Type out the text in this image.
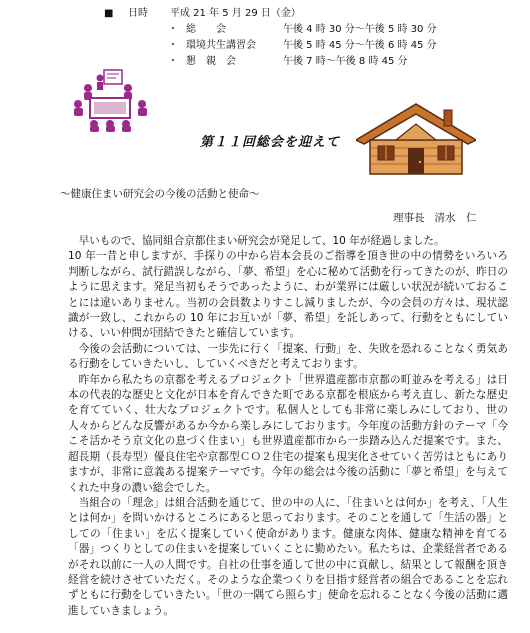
■ 日時 平成 21 年 5 月 29 日（金）
・ 総　　会	午後 4 時 30 分～午後 5 時 30 分
・ 環境共生講習会	午後 5 時 45 分～午後 6 時 45 分
・ 懇　親　会	午後 7 時～午後 8 時 45 分
第１１回総会を迎えて
～健康住まい研究会の今後の活動と使命～
理事長 清水　仁

早いもので、協同組合京都住まい研究会が発足して、10 年が経過しました。

10 年一昔と申しますが、手探りの中から岩本会長のご指導を頂き世の中の情勢をいろいろ判断しながら、試行錯誤しながら、「夢、希望」を心に秘めて活動を行ってきたのが、昨日のように思えます。発足当初もそうであったように、わが業界には厳しい状況が続いておることには違いありません。当初の会員数よりすこし減りましたが、今の会員の方々は、現状認識が一致し、これからの 10 年にお互いが「夢、希望」を託しあって、行動をともにしていける、いい仲間が団結できたと確信しています。

今後の会活動については、一歩先に行く「提案、行動」を、失敗を恐れることなく勇気ある行動をしていきたいし、していくべきだと考えております。

昨年から私たちの京都を考えるプロジェクト「世界遺産都市京都の町並みを考える」は日本の代表的な歴史と文化が日本を育んできた町である京都を根底から考え直し、新たな歴史を育てていく、壮大なプロジェクトです。私個人としても非常に楽しみにしており、世の人々からどんな反響があるか今から楽しみにしております。今年度の活動方針のテーマ「今こそ活かそう京文化の息づく住まい」も世界遺産都市から一歩踏み込んだ提案です。また、超長期（長寿型）優良住宅や京都型ＣＯ２住宅の提案も現実化させていく苦労はともにありますが、非常に意義ある提案テーマです。今年の総会は今後の活動に「夢と希望」を与えてくれた中身の濃い総会でした。

当組合の「理念」は組合活動を通じて、世の中の人に、「住まいとは何か」を考え、「人生とは何か」を問いかけるところにあると思っております。そのことを通して「生活の器」としての「住まい」を広く提案していく使命があります。健康な肉体、健康な精神を育てる「器」つくりとしての住まいを提案していくことに勤めたい。私たちは、企業経営者であるがそれ以前に一人の人間です。自社の仕事を通して世の中に貢献し、結果として報酬を頂き経営を続けさせていただく。そのような企業つくりを目指す経営者の組合であることを忘れずともに行動をしていきたい。「世の一隅てら照らす」使命を忘れることなく今後の活動に邁進していきましょう。
